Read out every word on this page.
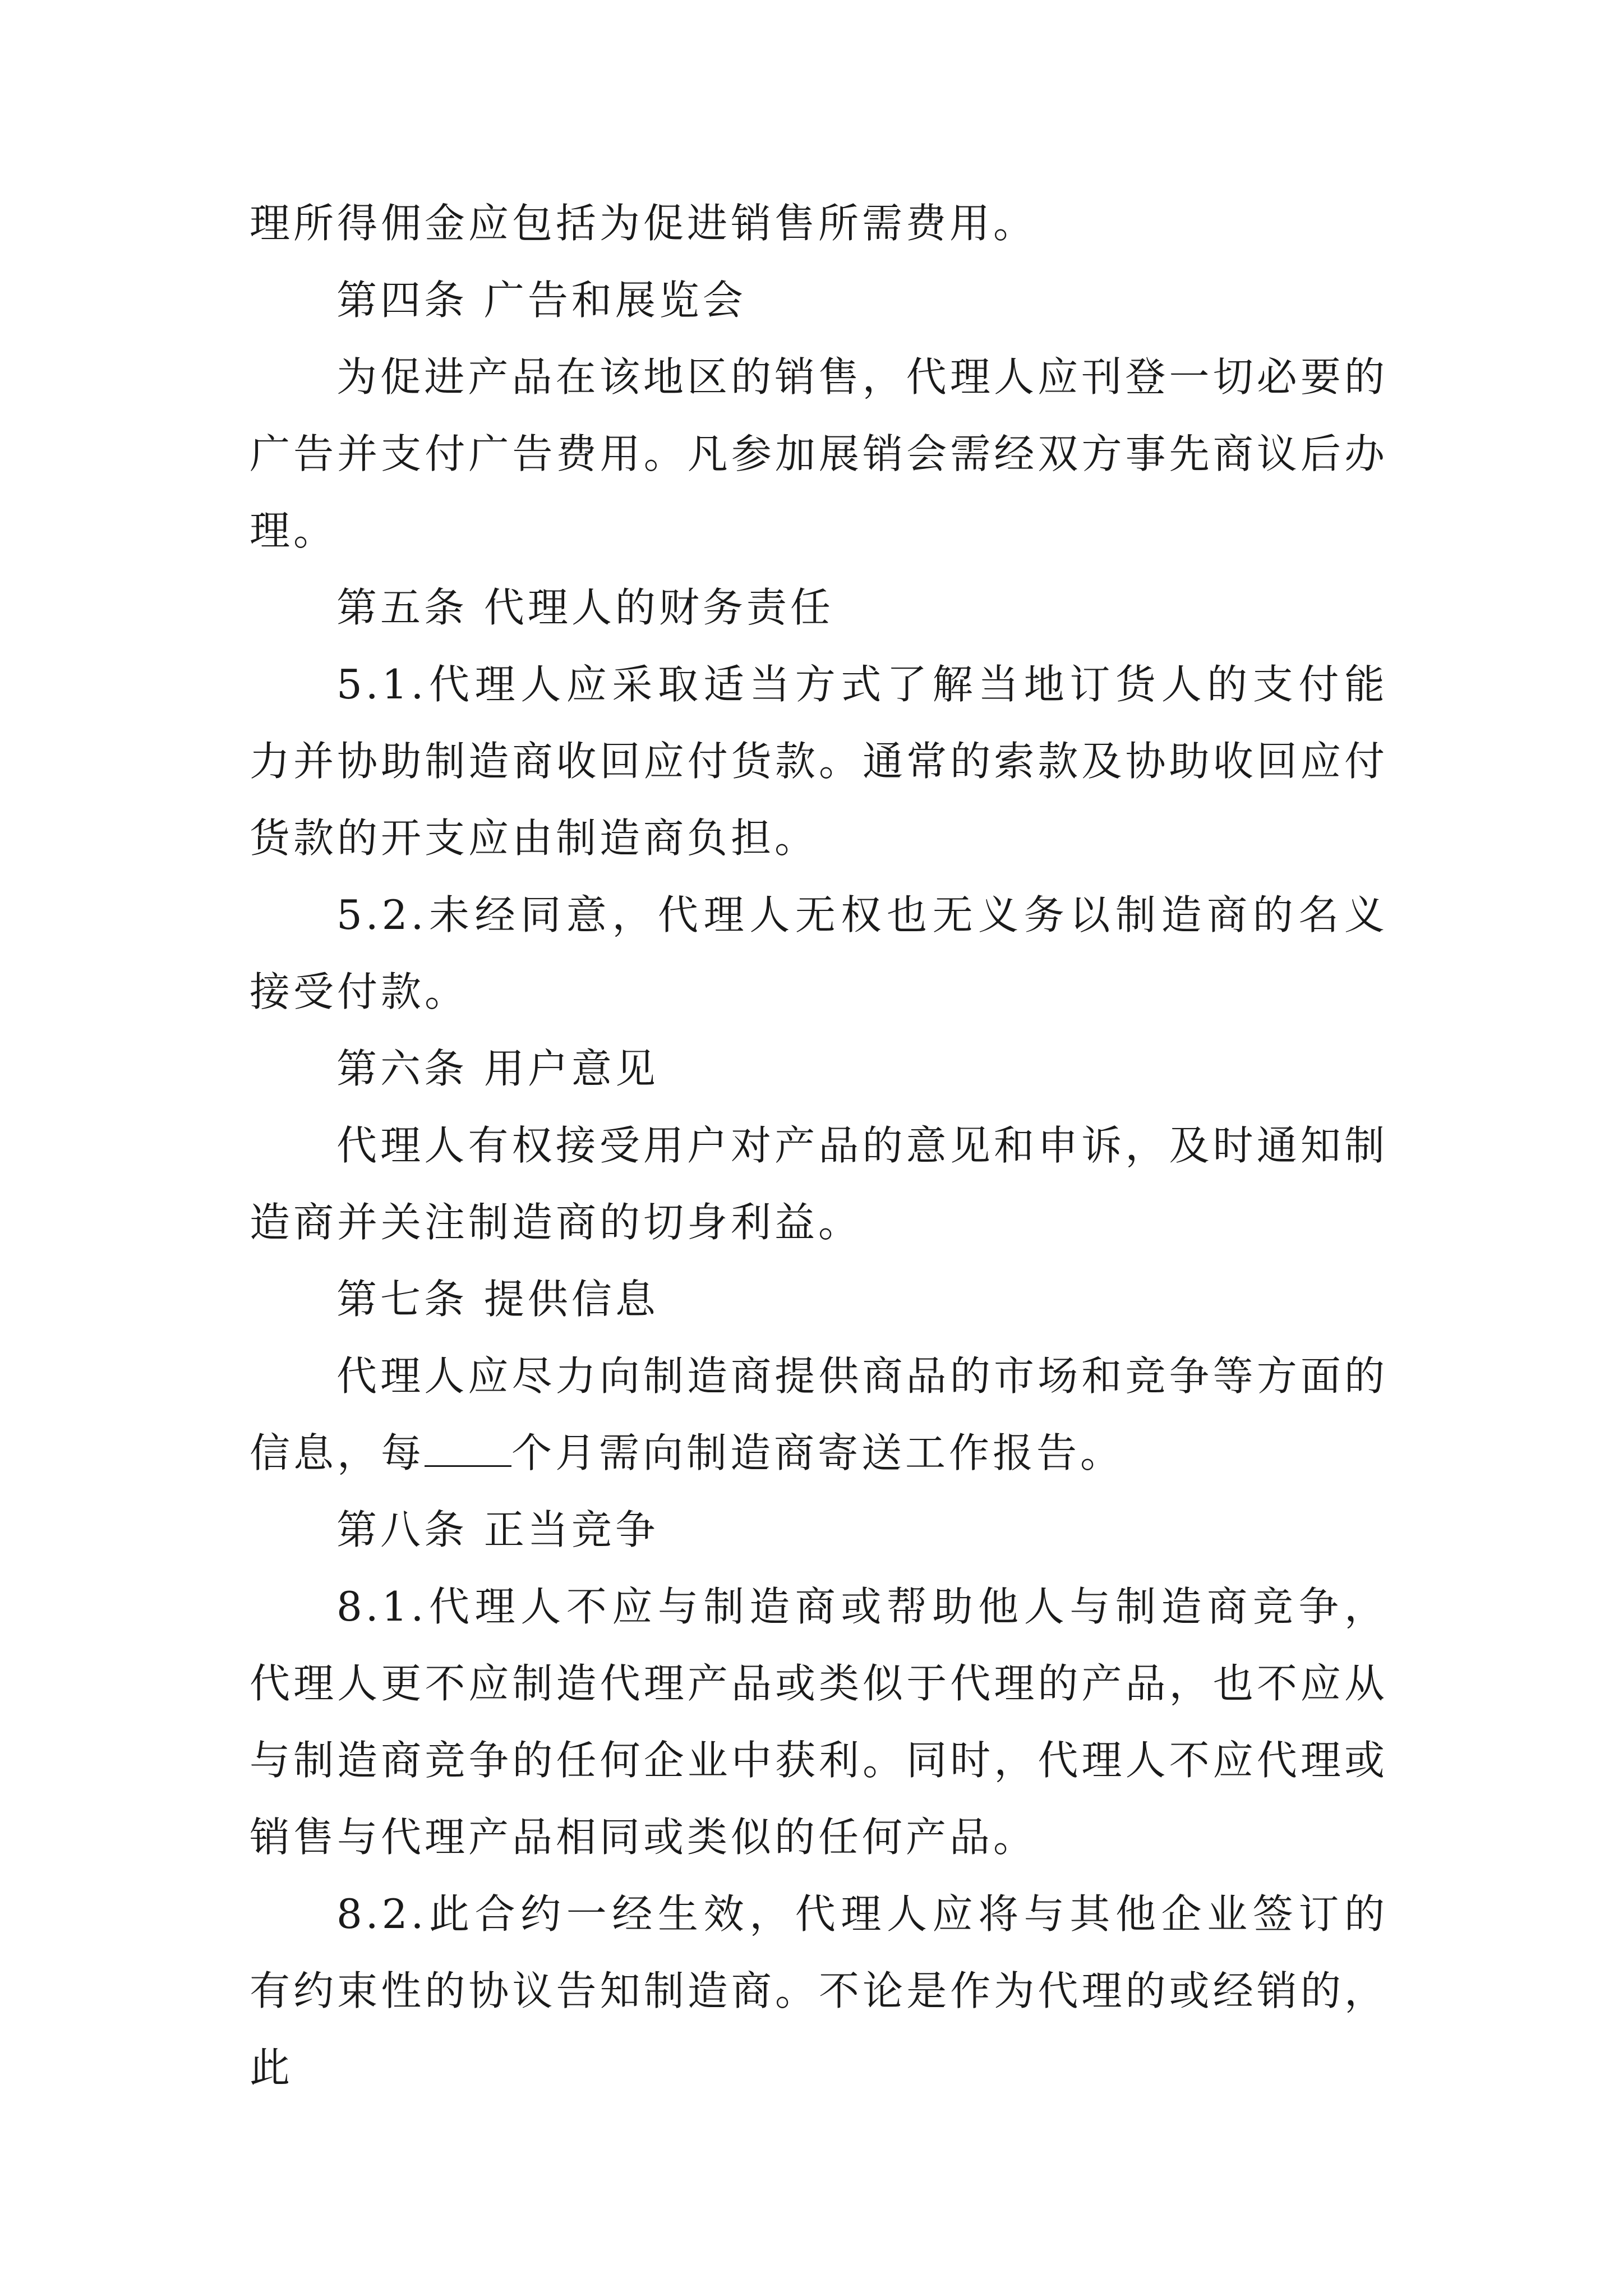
理所得佣金应包括为促进销售所需费用。

第四条 广告和展览会

为促进产品在该地区的销售，代理人应刊登一切必要的广告并支付广告费用。凡参加展销会需经双方事先商议后办理。

第五条 代理人的财务责任

5.1.代理人应采取适当方式了解当地订货人的支付能力并协助制造商收回应付货款。通常的索款及协助收回应付货款的开支应由制造商负担。

5.2.未经同意，代理人无权也无义务以制造商的名义接受付款。

第六条 用户意见

代理人有权接受用户对产品的意见和申诉，及时通知制造商并关注制造商的切身利益。

第七条 提供信息

代理人应尽力向制造商提供商品的市场和竞争等方面的信息，每 个月需向制造商寄送工作报告。

第八条 正当竞争

8.1.代理人不应与制造商或帮助他人与制造商竞争，代理人更不应制造代理产品或类似于代理的产品，也不应从与制造商竞争的任何企业中获利。同时，代理人不应代理或销售与代理产品相同或类似的任何产品。

8.2.此合约一经生效，代理人应将与其他企业签订的有约束性的协议告知制造商。不论是作为代理的或经销的，此
